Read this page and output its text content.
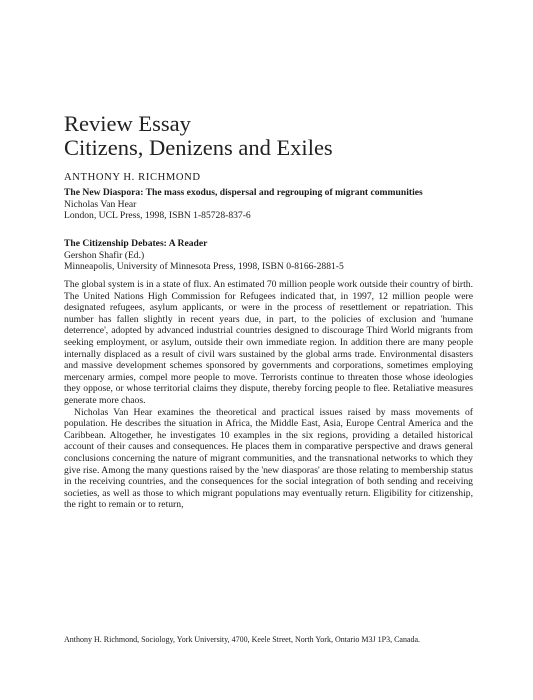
Review Essay
Citizens, Denizens and Exiles
ANTHONY H. RICHMOND
The New Diaspora: The mass exodus, dispersal and regrouping of migrant communities
Nicholas Van Hear
London, UCL Press, 1998, ISBN 1-85728-837-6
The Citizenship Debates: A Reader
Gershon Shafir (Ed.)
Minneapolis, University of Minnesota Press, 1998, ISBN 0-8166-2881-5

The global system is in a state of flux. An estimated 70 million people work outside their country of birth. The United Nations High Commission for Refugees indicated that, in 1997, 12 million people were designated refugees, asylum applicants, or were in the process of resettlement or repatriation. This number has fallen slightly in recent years due, in part, to the policies of exclusion and 'humane deterrence', adopted by advanced industrial countries designed to discourage Third World migrants from seeking employment, or asylum, outside their own immediate region. In addition there are many people internally displaced as a result of civil wars sustained by the global arms trade. Environmental disasters and massive development schemes sponsored by governments and corporations, sometimes employing mercenary armies, compel more people to move. Terrorists continue to threaten those whose ideologies they oppose, or whose territorial claims they dispute, thereby forcing people to flee. Retaliative measures generate more chaos.

Nicholas Van Hear examines the theoretical and practical issues raised by mass movements of population. He describes the situation in Africa, the Middle East, Asia, Europe Central America and the Caribbean. Altogether, he investigates 10 examples in the six regions, providing a detailed historical account of their causes and consequences. He places them in comparative perspective and draws general conclusions concerning the nature of migrant communities, and the transnational networks to which they give rise. Among the many questions raised by the 'new diasporas' are those relating to membership status in the receiving countries, and the consequences for the social integration of both sending and receiving societies, as well as those to which migrant populations may eventually return. Eligibility for citizenship, the right to remain or to return,

Anthony H. Richmond, Sociology, York University, 4700, Keele Street, North York, Ontario M3J 1P3, Canada.
